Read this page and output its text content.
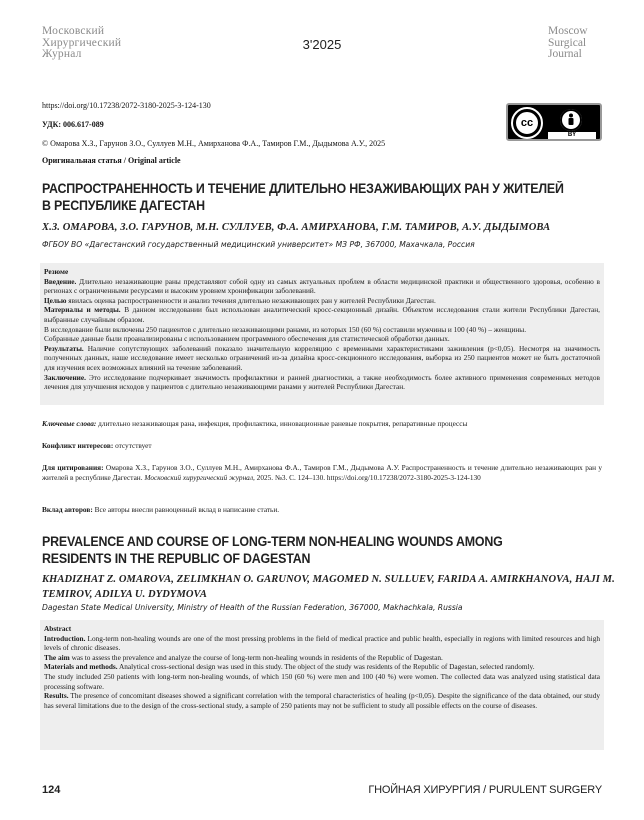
Московский
Хирургический
Журнал
3'2025
Moscow
Surgical
Journal
https://doi.org/10.17238/2072-3180-2025-3-124-130
УДК: 006.617-089
© Омарова Х.З., Гарунов З.О., Суллуев М.Н., Амирханова Ф.А., Тамиров Г.М., Дыдымова А.У., 2025
Оригинальная статья / Original article
cc
BY
РАСПРОСТРАНЕННОСТЬ И ТЕЧЕНИЕ ДЛИТЕЛЬНО НЕЗАЖИВАЮЩИХ РАН У ЖИТЕЛЕЙ В РЕСПУБЛИКЕ ДАГЕСТАН
Х.З. ОМАРОВА, З.О. ГАРУНОВ, М.Н. СУЛЛУЕВ, Ф.А. АМИРХАНОВА, Г.М. ТАМИРОВ, А.У. ДЫДЫМОВА
ФГБОУ ВО «Дагестанский государственный медицинский университет» МЗ РФ, 367000, Махачкала, Россия

Резюме

Введение. Длительно незаживающие раны представляют собой одну из самых актуальных проблем в области медицинской практики и общественного здоровья, особенно в регионах с ограниченными ресурсами и высоким уровнем хронификации заболеваний.

Целью явилась оценка распространенности и анализ течения длительно незаживающих ран у жителей Республики Дагестан.

Материалы и методы. В данном исследовании был использован аналитический кросс-секционный дизайн. Объектом исследования стали жители Республики Дагестан, выбранные случайным образом.

В исследование были включены 250 пациентов с длительно незаживающими ранами, из которых 150 (60 %) составили мужчины и 100 (40 %) – женщины.

Собранные данные были проанализированы с использованием программного обеспечения для статистической обработки данных.

Результаты. Наличие сопутствующих заболеваний показало значительную корреляцию с временными характеристиками заживления (p<0,05). Несмотря на значимость полученных данных, наше исследование имеет несколько ограничений из-за дизайна кросс-секционного исследования, выборка из 250 пациентов может не быть достаточной для изучения всех возможных влияний на течение заболеваний.

Заключение. Это исследование подчеркивает значимость профилактики и ранней диагностики, а также необходимость более активного применения современных методов лечения для улучшения исходов у пациентов с длительно незаживающими ранами у жителей Республики Дагестан.

Ключевые слова: длительно незаживающая рана, инфекция, профилактика, инновационные раневые покрытия, репаративные процессы
Конфликт интересов: отсутствует
Для цитирования: Омарова Х.З., Гарунов З.О., Суллуев М.Н., Амирханова Ф.А., Тамиров Г.М., Дыдымова А.У. Распространенность и течение длительно незаживающих ран у жителей в республике Дагестан. Московский хирургический журнал, 2025. №3. С. 124–130. https://doi.org/10.17238/2072-3180-2025-3-124-130
Вклад авторов: Все авторы внесли равноценный вклад в написание статьи.
PREVALENCE AND COURSE OF LONG-TERM NON-HEALING WOUNDS AMONG RESIDENTS IN THE REPUBLIC OF DAGESTAN
KHADIZHAT Z. OMAROVA, ZELIMKHAN O. GARUNOV, MAGOMED N. SULLUEV, FARIDA A. AMIRKHANOVA, HAJI M. TEMIROV, ADILYA U. DYDYMOVA
Dagestan State Medical University, Ministry of Health of the Russian Federation, 367000, Makhachkala, Russia

Abstract

Introduction. Long-term non-healing wounds are one of the most pressing problems in the field of medical practice and public health, especially in regions with limited resources and high levels of chronic diseases.

The aim was to assess the prevalence and analyze the course of long-term non-healing wounds in residents of the Republic of Dagestan.

Materials and methods. Analytical cross-sectional design was used in this study. The object of the study was residents of the Republic of Dagestan, selected randomly.

The study included 250 patients with long-term non-healing wounds, of which 150 (60 %) were men and 100 (40 %) were women. The collected data was analyzed using statistical data processing software.

Results. The presence of concomitant diseases showed a significant correlation with the temporal characteristics of healing (p<0,05). Despite the significance of the data obtained, our study has several limitations due to the design of the cross-sectional study, a sample of 250 patients may not be sufficient to study all possible effects on the course of diseases.

124	ГНОЙНАЯ ХИРУРГИЯ / PURULENT SURGERY
